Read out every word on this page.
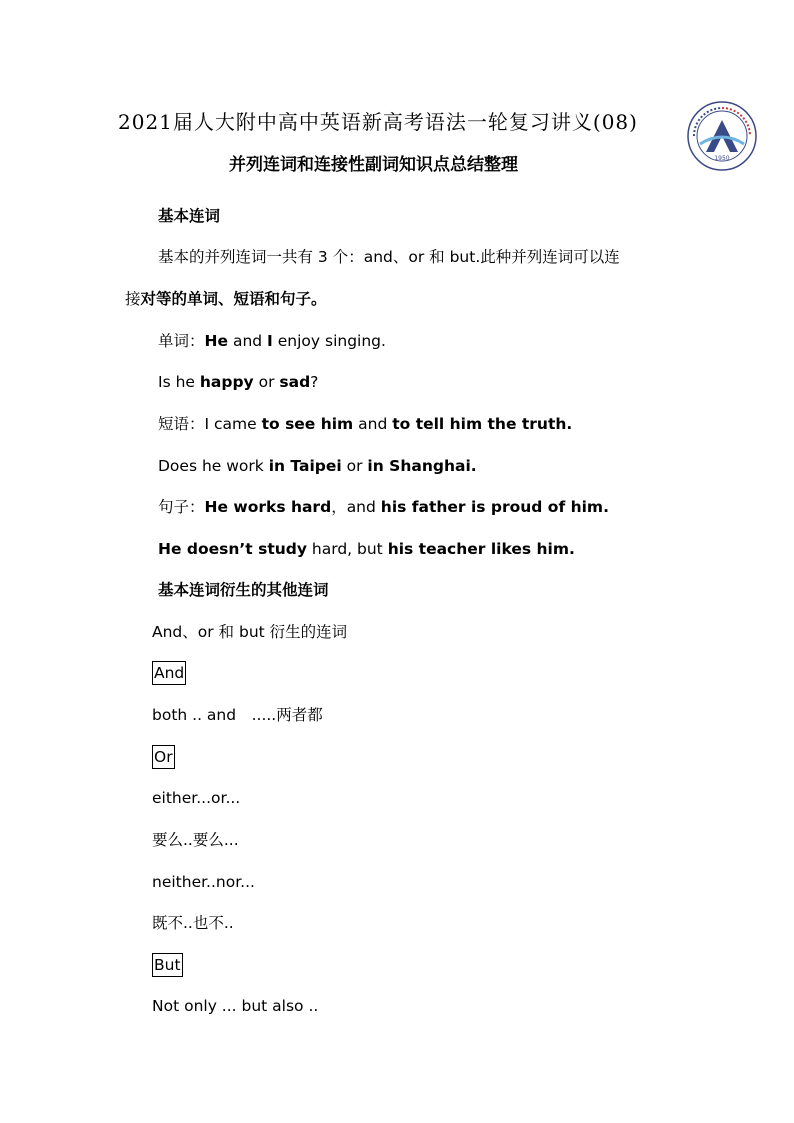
2021届人大附中高中英语新高考语法一轮复习讲义(08)
1950
并列连词和连接性副词知识点总结整理
基本连词
基本的并列连词一共有 3 个：and、or 和 but.此种并列连词可以连
接对等的单词、短语和句子。
单词：He and I enjoy singing.
Is he happy or sad?
短语：I came to see him and to tell him the truth.
Does he work in Taipei or in Shanghai.
句子：He works hard，and his father is proud of him.
He doesn’t study hard, but his teacher likes him.
基本连词衍生的其他连词
And、or 和 but 衍生的连词
And
both .. and　.....两者都
Or
either...or...
要么..要么...
neither..nor...
既不..也不..
But
Not only ... but also ..
